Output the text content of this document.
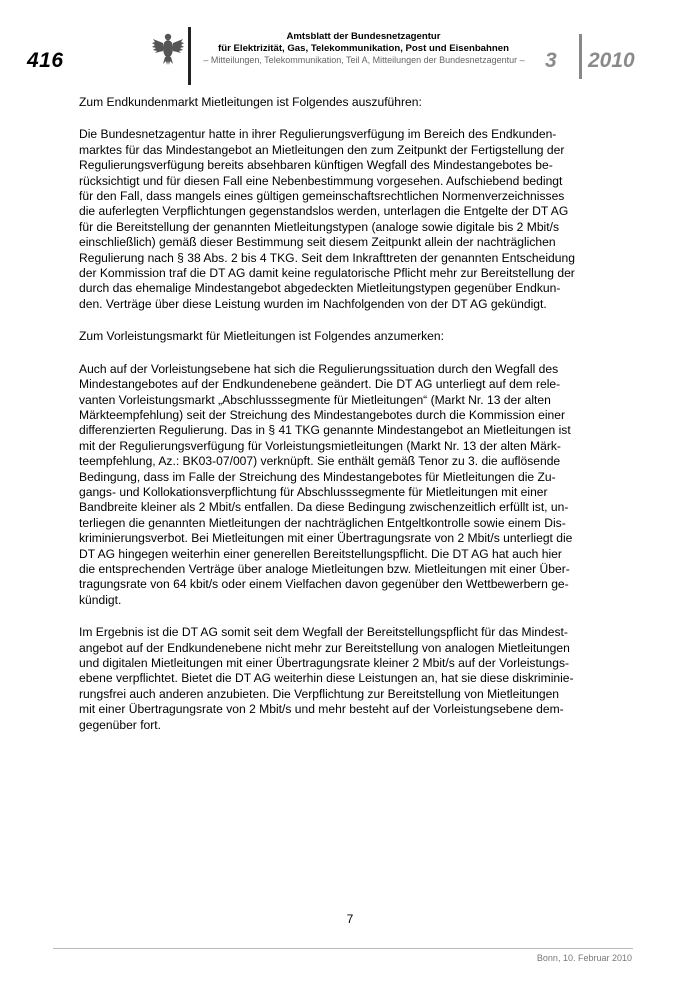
416
Amtsblatt der Bundesnetzagentur
für Elektrizität, Gas, Telekommunikation, Post und Eisenbahnen
– Mitteilungen, Telekommunikation, Teil A, Mitteilungen der Bundesnetzagentur – 3 2010

Zum Endkundenmarkt Mietleitungen ist Folgendes auszuführen:

Die Bundesnetzagentur hatte in ihrer Regulierungsverfügung im Bereich des Endkunden-
marktes für das Mindestangebot an Mietleitungen den zum Zeitpunkt der Fertigstellung der
Regulierungsverfügung bereits absehbaren künftigen Wegfall des Mindestangebotes be-
rücksichtigt und für diesen Fall eine Nebenbestimmung vorgesehen. Aufschiebend bedingt
für den Fall, dass mangels eines gültigen gemeinschaftsrechtlichen Normenverzeichnisses
die auferlegten Verpflichtungen gegenstandslos werden, unterlagen die Entgelte der DT AG
für die Bereitstellung der genannten Mietleitungstypen (analoge sowie digitale bis 2 Mbit/s
einschließlich) gemäß dieser Bestimmung seit diesem Zeitpunkt allein der nachträglichen
Regulierung nach § 38 Abs. 2 bis 4 TKG. Seit dem Inkrafttreten der genannten Entscheidung
der Kommission traf die DT AG damit keine regulatorische Pflicht mehr zur Bereitstellung der
durch das ehemalige Mindestangebot abgedeckten Mietleitungstypen gegenüber Endkun-
den. Verträge über diese Leistung wurden im Nachfolgenden von der DT AG gekündigt.

Zum Vorleistungsmarkt für Mietleitungen ist Folgendes anzumerken:

Auch auf der Vorleistungsebene hat sich die Regulierungssituation durch den Wegfall des
Mindestangebotes auf der Endkundenebene geändert. Die DT AG unterliegt auf dem rele-
vanten Vorleistungsmarkt „Abschlusssegmente für Mietleitungen“ (Markt Nr. 13 der alten
Märkteempfehlung) seit der Streichung des Mindestangebotes durch die Kommission einer
differenzierten Regulierung. Das in § 41 TKG genannte Mindestangebot an Mietleitungen ist
mit der Regulierungsverfügung für Vorleistungsmietleitungen (Markt Nr. 13 der alten Märk-
teempfehlung, Az.: BK03-07/007) verknüpft. Sie enthält gemäß Tenor zu 3. die auflösende
Bedingung, dass im Falle der Streichung des Mindestangebotes für Mietleitungen die Zu-
gangs- und Kollokationsverpflichtung für Abschlusssegmente für Mietleitungen mit einer
Bandbreite kleiner als 2 Mbit/s entfallen. Da diese Bedingung zwischenzeitlich erfüllt ist, un-
terliegen die genannten Mietleitungen der nachträglichen Entgeltkontrolle sowie einem Dis-
kriminierungsverbot. Bei Mietleitungen mit einer Übertragungsrate von 2 Mbit/s unterliegt die
DT AG hingegen weiterhin einer generellen Bereitstellungspflicht. Die DT AG hat auch hier
die entsprechenden Verträge über analoge Mietleitungen bzw. Mietleitungen mit einer Über-
tragungsrate von 64 kbit/s oder einem Vielfachen davon gegenüber den Wettbewerbern ge-
kündigt.

Im Ergebnis ist die DT AG somit seit dem Wegfall der Bereitstellungspflicht für das Mindest-
angebot auf der Endkundenebene nicht mehr zur Bereitstellung von analogen Mietleitungen
und digitalen Mietleitungen mit einer Übertragungsrate kleiner 2 Mbit/s auf der Vorleistungs-
ebene verpflichtet. Bietet die DT AG weiterhin diese Leistungen an, hat sie diese diskriminie-
rungsfrei auch anderen anzubieten. Die Verpflichtung zur Bereitstellung von Mietleitungen
mit einer Übertragungsrate von 2 Mbit/s und mehr besteht auf der Vorleistungsebene dem-
gegenüber fort.

7
Bonn, 10. Februar 2010
